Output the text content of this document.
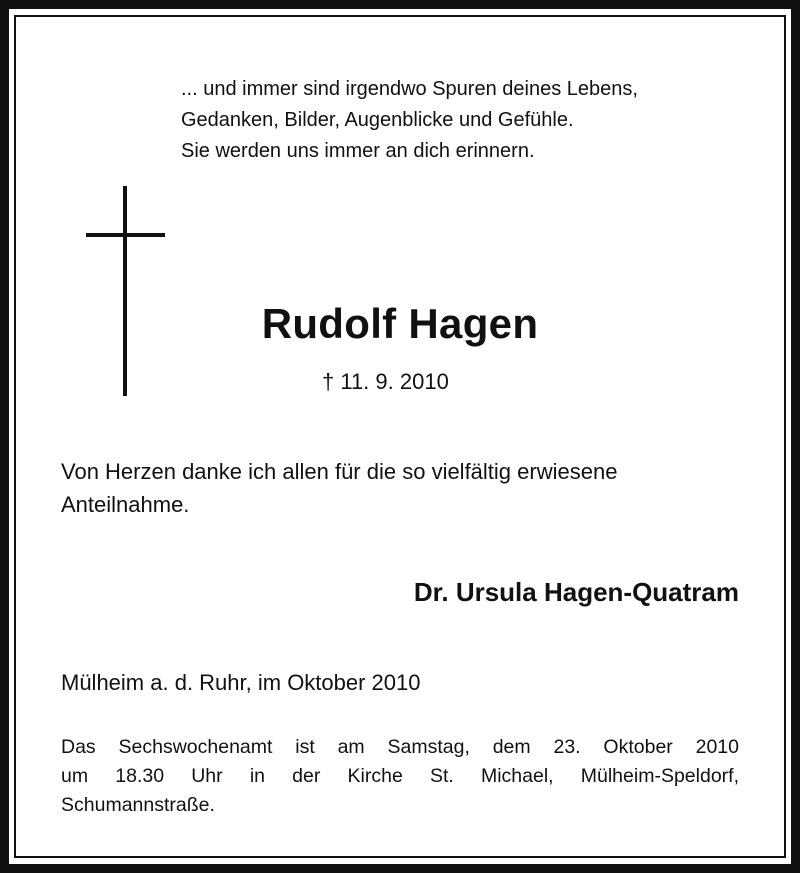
... und immer sind irgendwo Spuren deines Lebens,
Gedanken, Bilder, Augenblicke und Gefühle.
Sie werden uns immer an dich erinnern.
Rudolf Hagen
† 11. 9. 2010
Von Herzen danke ich allen für die so vielfältig erwiesene
Anteilnahme.
Dr. Ursula Hagen-Quatram
Mülheim a. d. Ruhr, im Oktober 2010
Das Sechswochenamt ist am Samstag, dem 23. Oktober 2010
um 18.30 Uhr in der Kirche St. Michael, Mülheim-Speldorf,
Schumannstraße.
